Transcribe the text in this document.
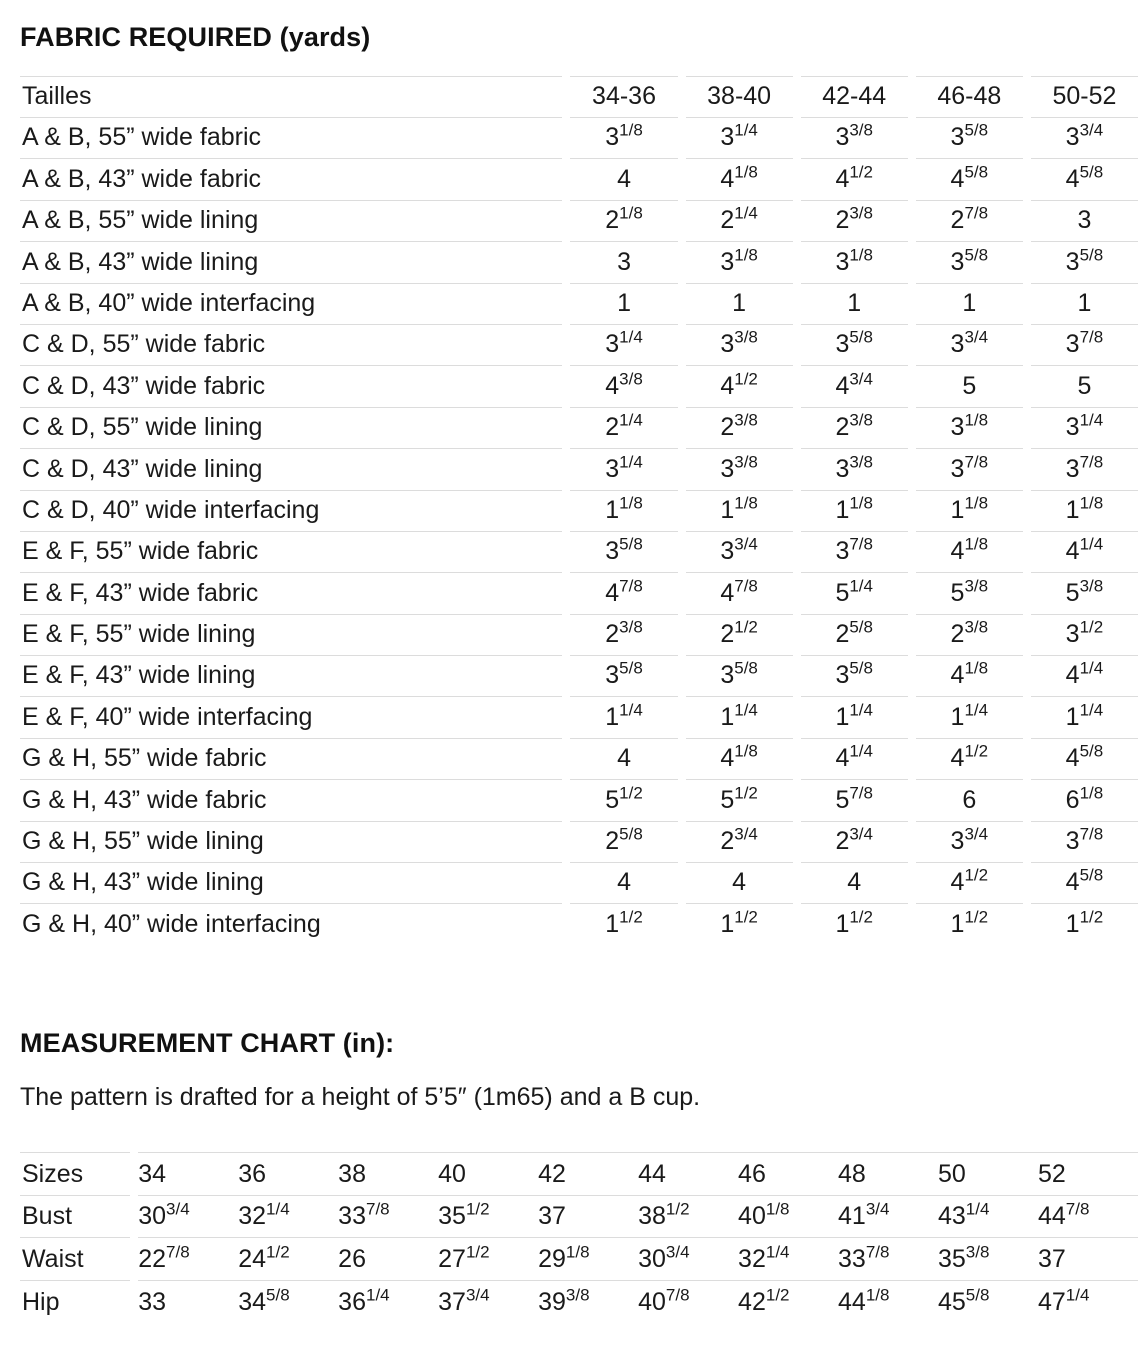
FABRIC REQUIRED (yards)
Tailles		34-36		38-40		42-44		46-48		50-52
A & B, 55” wide fabric		$3^{1/8}$		$3^{1/4}$		$3^{3/8}$		$3^{5/8}$		$3^{3/4}$
A & B, 43” wide fabric		4		$4^{1/8}$		$4^{1/2}$		$4^{5/8}$		$4^{5/8}$
A & B, 55” wide lining		$2^{1/8}$		$2^{1/4}$		$2^{3/8}$		$2^{7/8}$		3
A & B, 43” wide lining		3		$3^{1/8}$		$3^{1/8}$		$3^{5/8}$		$3^{5/8}$
A & B, 40” wide interfacing		1		1		1		1		1
C & D, 55” wide fabric		$3^{1/4}$		$3^{3/8}$		$3^{5/8}$		$3^{3/4}$		$3^{7/8}$
C & D, 43” wide fabric		$4^{3/8}$		$4^{1/2}$		$4^{3/4}$		5		5
C & D, 55” wide lining		$2^{1/4}$		$2^{3/8}$		$2^{3/8}$		$3^{1/8}$		$3^{1/4}$
C & D, 43” wide lining		$3^{1/4}$		$3^{3/8}$		$3^{3/8}$		$3^{7/8}$		$3^{7/8}$
C & D, 40” wide interfacing		$1^{1/8}$		$1^{1/8}$		$1^{1/8}$		$1^{1/8}$		$1^{1/8}$
E & F, 55” wide fabric		$3^{5/8}$		$3^{3/4}$		$3^{7/8}$		$4^{1/8}$		$4^{1/4}$
E & F, 43” wide fabric		$4^{7/8}$		$4^{7/8}$		$5^{1/4}$		$5^{3/8}$		$5^{3/8}$
E & F, 55” wide lining		$2^{3/8}$		$2^{1/2}$		$2^{5/8}$		$2^{3/8}$		$3^{1/2}$
E & F, 43” wide lining		$3^{5/8}$		$3^{5/8}$		$3^{5/8}$		$4^{1/8}$		$4^{1/4}$
E & F, 40” wide interfacing		$1^{1/4}$		$1^{1/4}$		$1^{1/4}$		$1^{1/4}$		$1^{1/4}$
G & H, 55” wide fabric		4		$4^{1/8}$		$4^{1/4}$		$4^{1/2}$		$4^{5/8}$
G & H, 43” wide fabric		$5^{1/2}$		$5^{1/2}$		$5^{7/8}$		6		$6^{1/8}$
G & H, 55” wide lining		$2^{5/8}$		$2^{3/4}$		$2^{3/4}$		$3^{3/4}$		$3^{7/8}$
G & H, 43” wide lining		4		4		4		$4^{1/2}$		$4^{5/8}$
G & H, 40” wide interfacing		$1^{1/2}$		$1^{1/2}$		$1^{1/2}$		$1^{1/2}$		$1^{1/2}$
MEASUREMENT CHART (in):

The pattern is drafted for a height of 5’5″ (1m65) and a B cup.

Sizes		34	36	38	40	42	44	46	48	50	52
Bust		$30^{3/4}$	$32^{1/4}$	$33^{7/8}$	$35^{1/2}$	37	$38^{1/2}$	$40^{1/8}$	$41^{3/4}$	$43^{1/4}$	$44^{7/8}$
Waist		$22^{7/8}$	$24^{1/2}$	26	$27^{1/2}$	$29^{1/8}$	$30^{3/4}$	$32^{1/4}$	$33^{7/8}$	$35^{3/8}$	37
Hip		33	$34^{5/8}$	$36^{1/4}$	$37^{3/4}$	$39^{3/8}$	$40^{7/8}$	$42^{1/2}$	$44^{1/8}$	$45^{5/8}$	$47^{1/4}$
